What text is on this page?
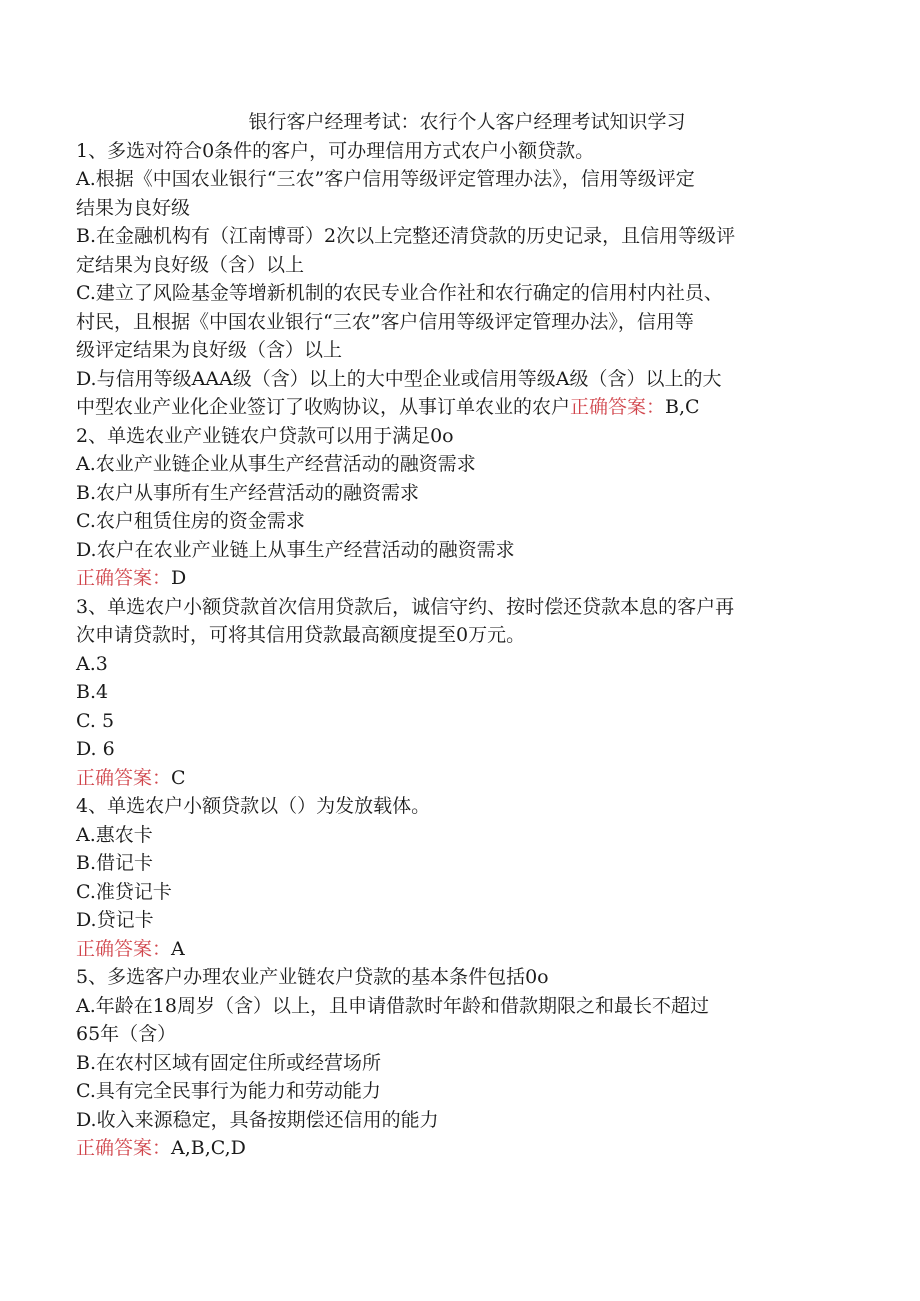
银行客户经理考试：农行个人客户经理考试知识学习
1、多选对符合0条件的客户，可办理信用方式农户小额贷款。
A.根据《中国农业银行“三农”客户信用等级评定管理办法》，信用等级评定
结果为良好级
B.在金融机构有（江南博哥）2次以上完整还清贷款的历史记录，且信用等级评
定结果为良好级（含）以上
C.建立了风险基金等增新机制的农民专业合作社和农行确定的信用村内社员、
村民，且根据《中国农业银行“三农”客户信用等级评定管理办法》，信用等
级评定结果为良好级（含）以上
D.与信用等级AAA级（含）以上的大中型企业或信用等级A级（含）以上的大
中型农业产业化企业签订了收购协议，从事订单农业的农户正确答案：B,C
2、单选农业产业链农户贷款可以用于满足0o
A.农业产业链企业从事生产经营活动的融资需求
B.农户从事所有生产经营活动的融资需求
C.农户租赁住房的资金需求
D.农户在农业产业链上从事生产经营活动的融资需求
正确答案：D
3、单选农户小额贷款首次信用贷款后，诚信守约、按时偿还贷款本息的客户再
次申请贷款时，可将其信用贷款最高额度提至0万元。
A.3
B.4
C. 5
D. 6
正确答案：C
4、单选农户小额贷款以（）为发放载体。
A.惠农卡
B.借记卡
C.准贷记卡
D.贷记卡
正确答案：A
5、多选客户办理农业产业链农户贷款的基本条件包括0o
A.年龄在18周岁（含）以上，且申请借款时年龄和借款期限之和最长不超过
65年（含）
B.在农村区域有固定住所或经营场所
C.具有完全民事行为能力和劳动能力
D.收入来源稳定，具备按期偿还信用的能力
正确答案：A,B,C,D
